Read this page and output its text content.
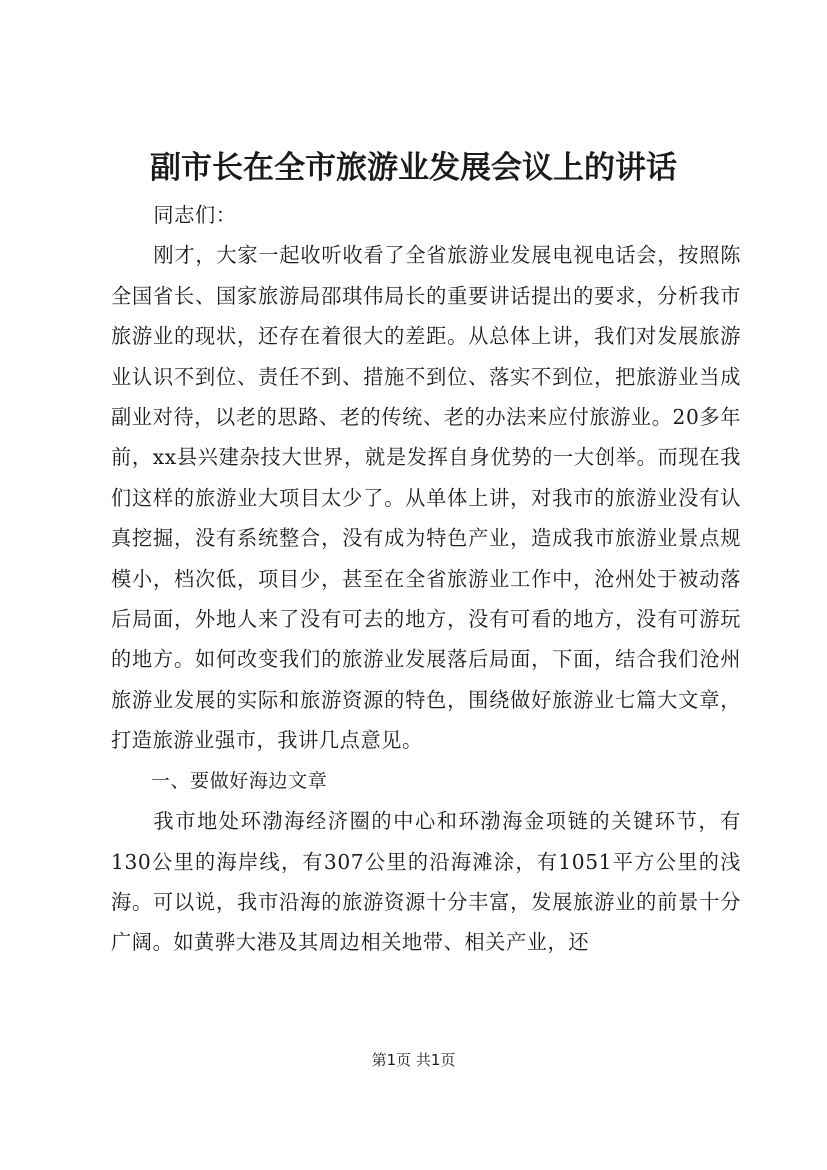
副市长在全市旅游业发展会议上的讲话

同志们：

刚才，大家一起收听收看了全省旅游业发展电视电话会，按照陈全国省长、国家旅游局邵琪伟局长的重要讲话提出的要求，分析我市旅游业的现状，还存在着很大的差距。从总体上讲，我们对发展旅游业认识不到位、责任不到、措施不到位、落实不到位，把旅游业当成副业对待，以老的思路、老的传统、老的办法来应付旅游业。20多年前，xx县兴建杂技大世界，就是发挥自身优势的一大创举。而现在我们这样的旅游业大项目太少了。从单体上讲，对我市的旅游业没有认真挖掘，没有系统整合，没有成为特色产业，造成我市旅游业景点规模小，档次低，项目少，甚至在全省旅游业工作中，沧州处于被动落后局面，外地人来了没有可去的地方，没有可看的地方，没有可游玩的地方。如何改变我们的旅游业发展落后局面，下面，结合我们沧州旅游业发展的实际和旅游资源的特色，围绕做好旅游业七篇大文章，打造旅游业强市，我讲几点意见。

一、要做好海边文章

我市地处环渤海经济圈的中心和环渤海金项链的关键环节，有130公里的海岸线，有307公里的沿海滩涂，有1051平方公里的浅海。可以说，我市沿海的旅游资源十分丰富，发展旅游业的前景十分广阔。如黄骅大港及其周边相关地带、相关产业，还

第1页 共1页
